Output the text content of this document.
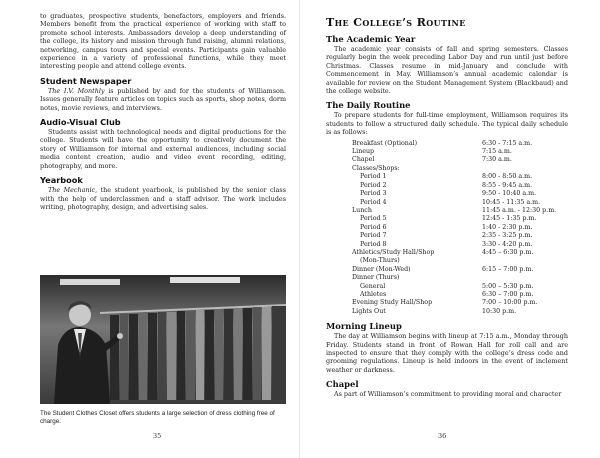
to graduates, prospective students, benefactors, employers and friends. Members benefit from the practical experience of working with staff to promote school interests. Ambassadors develop a deep understanding of the college, its history and mission through fund raising, alumni relations, networking, campus tours and special events. Participants gain valuable experience in a variety of professional functions, while they meet interesting people and attend college events.

Student Newspaper

The I.V. Monthly is published by and for the students of Williamson. Issues generally feature articles on topics such as sports, shop notes, dorm notes, movie reviews, and interviews.

Audio-Visual Club

Students assist with technological needs and digital productions for the college. Students will have the opportunity to creatively document the story of Williamson for internal and external audiences, including social media content creation, audio and video event recording, editing, photography, and more.

Yearbook

The Mechanic, the student yearbook, is published by the senior class with the help of underclassmen and a staff advisor. The work includes writing, photography, design, and advertising sales.

The Student Clothes Closet offers students a large selection of dress clothing free of charge.
35
The College’s Routine
The Academic Year

The academic year consists of fall and spring semesters. Classes regularly begin the week preceding Labor Day and run until just before Christmas. Classes resume in mid-January and conclude with Commencement in May. Williamson’s annual academic calendar is available for review on the Student Management System (Blackbaud) and the college website.

The Daily Routine

To prepare students for full-time employment, Williamson requires its students to follow a structured daily schedule. The typical daily schedule is as follows:

Breakfast (Optional)	6:30 - 7:15 a.m.
Lineup	7:15 a.m.
Chapel	7:30 a.m.
Classes/Shops:	
Period 1	8:00 - 8:50 a.m.
Period 2	8:55 - 9:45 a.m.
Period 3	9:50 - 10:40 a.m.
Period 4	10:45 - 11:35 a.m.
Lunch	11:45 a.m. - 12:30 p.m.
Period 5	12:45 - 1:35 p.m.
Period 6	1:40 - 2:30 p.m.
Period 7	2:35 - 3:25 p.m.
Period 8	3:30 - 4:20 p.m.
Athletics/Study Hall/Shop	4:45 – 6:30 p.m.
(Mon-Thurs)	
Dinner (Mon-Wed)	6:15 – 7:00 p.m.
Dinner (Thurs)	
General	5:00 – 5:30 p.m.
Athletes	6:30 – 7:00 p.m.
Evening Study Hall/Shop	7:00 – 10:00 p.m.
Lights Out	10:30 p.m.
Morning Lineup

The day at Williamson begins with lineup at 7:15 a.m., Monday through Friday. Students stand in front of Rowan Hall for roll call and are inspected to ensure that they comply with the college’s dress code and grooming regulations. Lineup is held indoors in the event of inclement weather or darkness.

Chapel

As part of Williamson’s commitment to providing moral and character

36
